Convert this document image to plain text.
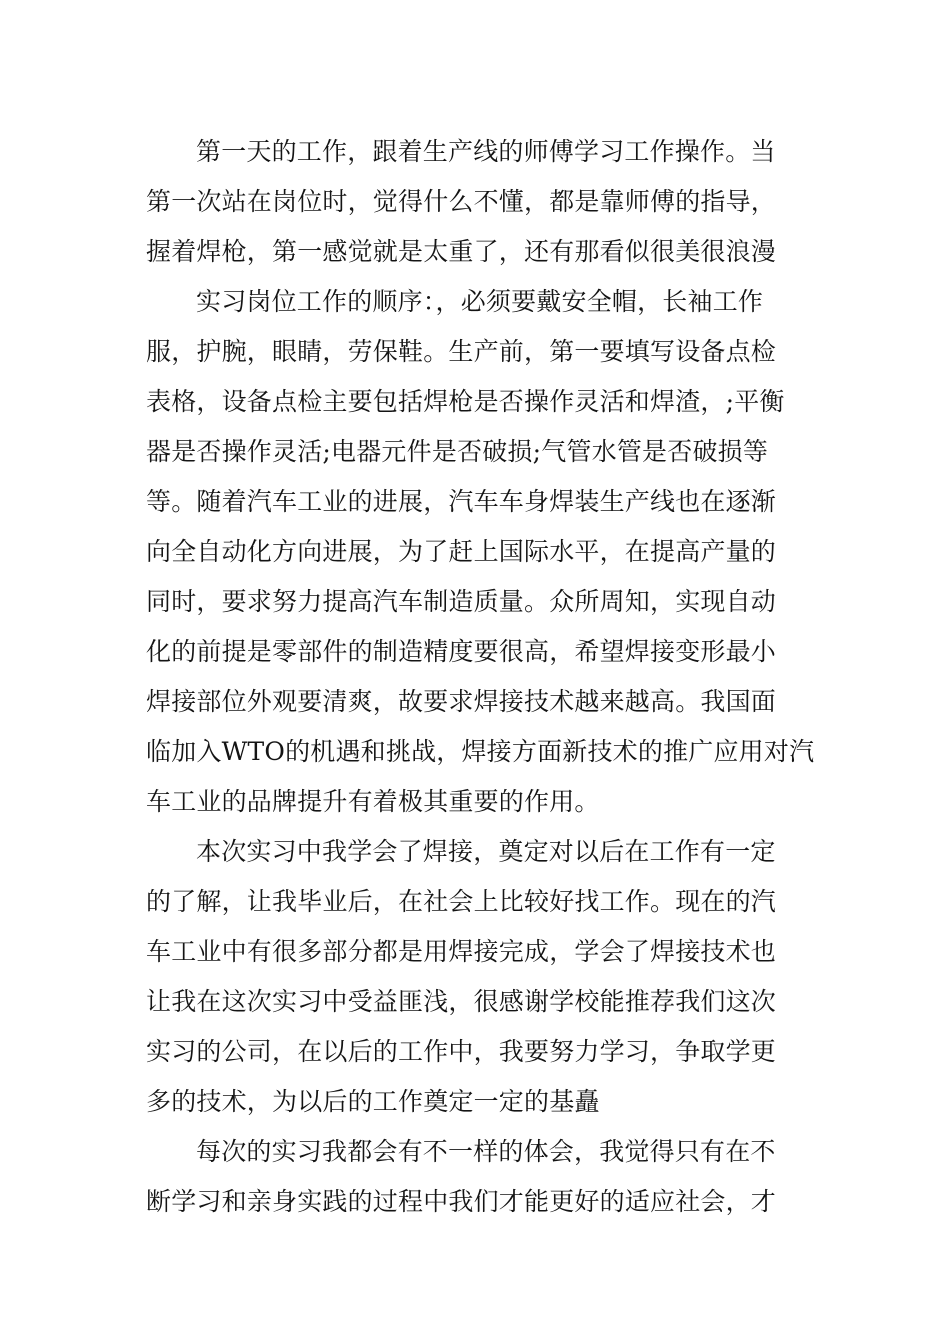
第一天的工作，跟着生产线的师傅学习工作操作。当
第一次站在岗位时，觉得什么不懂，都是靠师傅的指导，
握着焊枪，第一感觉就是太重了，还有那看似很美很浪漫
实习岗位工作的顺序：，必须要戴安全帽，长袖工作
服，护腕，眼睛，劳保鞋。生产前，第一要填写设备点检
表格，设备点检主要包括焊枪是否操作灵活和焊渣，;平衡
器是否操作灵活;电器元件是否破损;气管水管是否破损等
等。随着汽车工业的进展，汽车车身焊装生产线也在逐渐
向全自动化方向进展，为了赶上国际水平，在提高产量的
同时，要求努力提高汽车制造质量。众所周知，实现自动
化的前提是零部件的制造精度要很高，希望焊接变形最小
焊接部位外观要清爽，故要求焊接技术越来越高。我国面
临加入WTO的机遇和挑战，焊接方面新技术的推广应用对汽
车工业的品牌提升有着极其重要的作用。
本次实习中我学会了焊接，奠定对以后在工作有一定
的了解，让我毕业后，在社会上比较好找工作。现在的汽
车工业中有很多部分都是用焊接完成，学会了焊接技术也
让我在这次实习中受益匪浅，很感谢学校能推荐我们这次
实习的公司，在以后的工作中，我要努力学习，争取学更
多的技术，为以后的工作奠定一定的基矗
每次的实习我都会有不一样的体会，我觉得只有在不
断学习和亲身实践的过程中我们才能更好的适应社会，才
